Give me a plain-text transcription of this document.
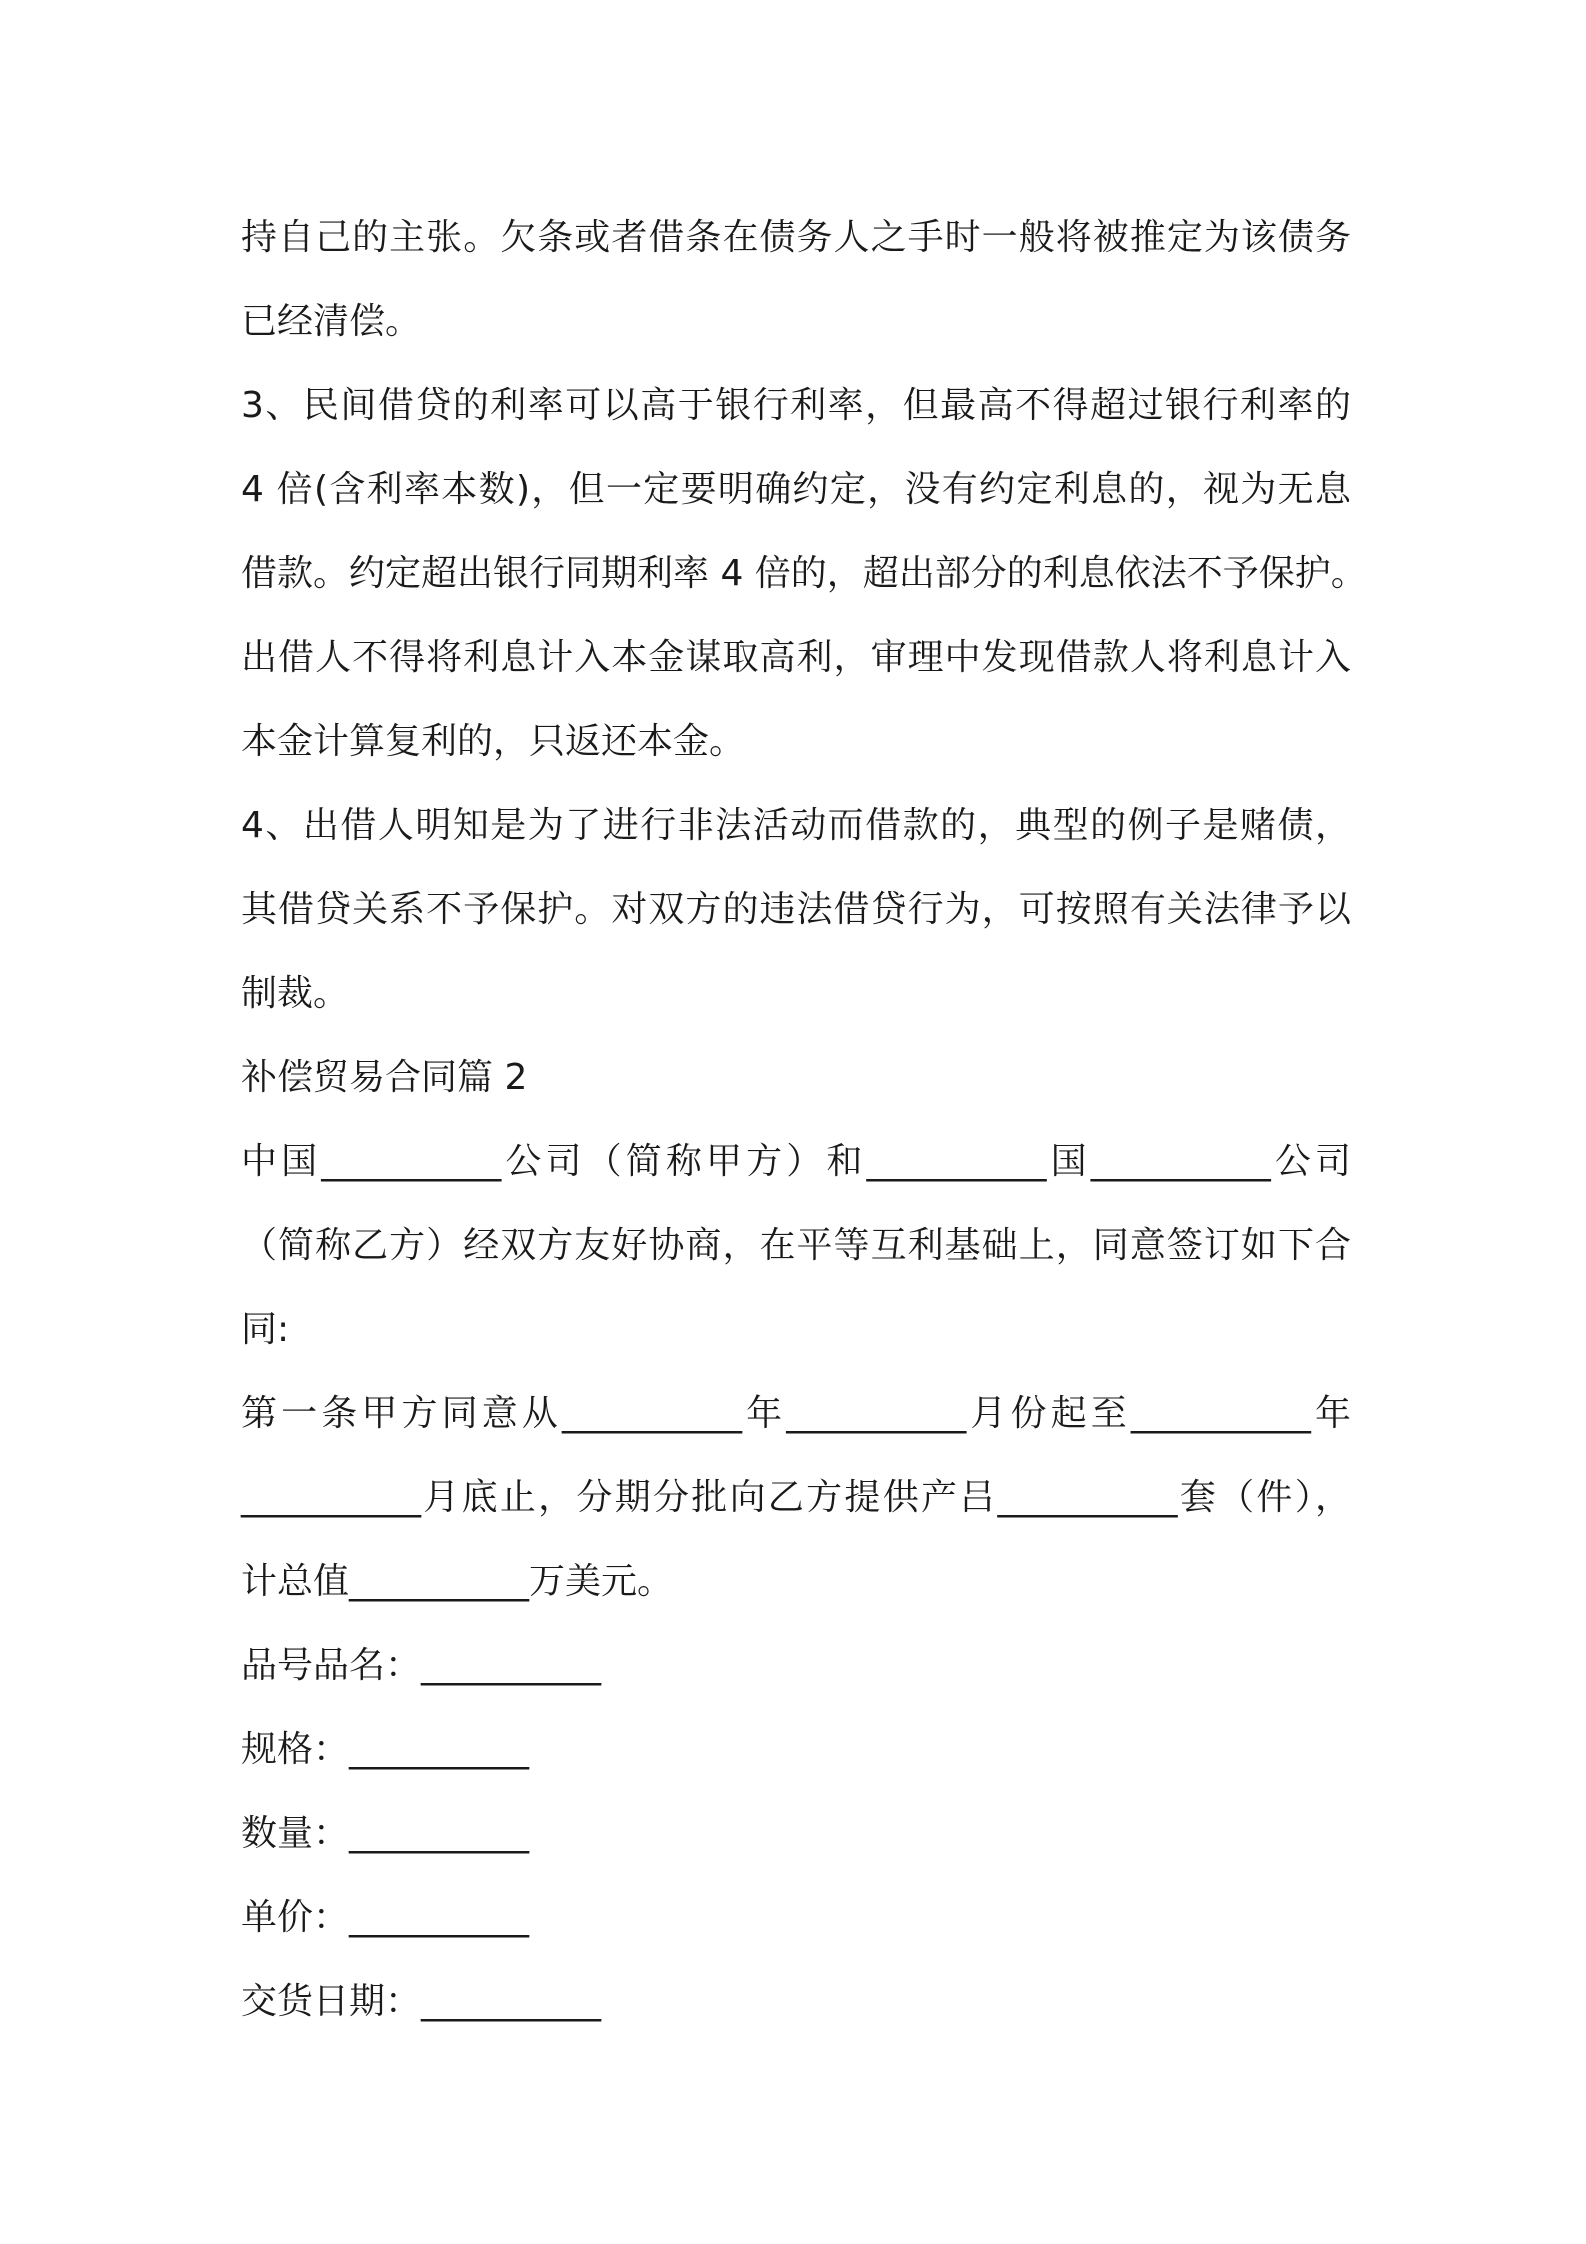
持自己的主张。欠条或者借条在债务人之手时一般将被推定为该债务
已经清偿。
3、民间借贷的利率可以高于银行利率，但最高不得超过银行利率的
4 倍(含利率本数)，但一定要明确约定，没有约定利息的，视为无息
借款。约定超出银行同期利率 4 倍的，超出部分的利息依法不予保护。
出借人不得将利息计入本金谋取高利，审理中发现借款人将利息计入
本金计算复利的，只返还本金。
4、出借人明知是为了进行非法活动而借款的，典型的例子是赌债，
其借贷关系不予保护。对双方的违法借贷行为，可按照有关法律予以
制裁。
补偿贸易合同篇 2
中国__________公司（简称甲方）和__________国__________公司
（简称乙方）经双方友好协商，在平等互利基础上，同意签订如下合
同:
第一条甲方同意从__________年__________月份起至__________年
__________月底止，分期分批向乙方提供产吕__________套（件），
计总值__________万美元。
品号品名：__________
规格：__________
数量：__________
单价：__________
交货日期：__________
